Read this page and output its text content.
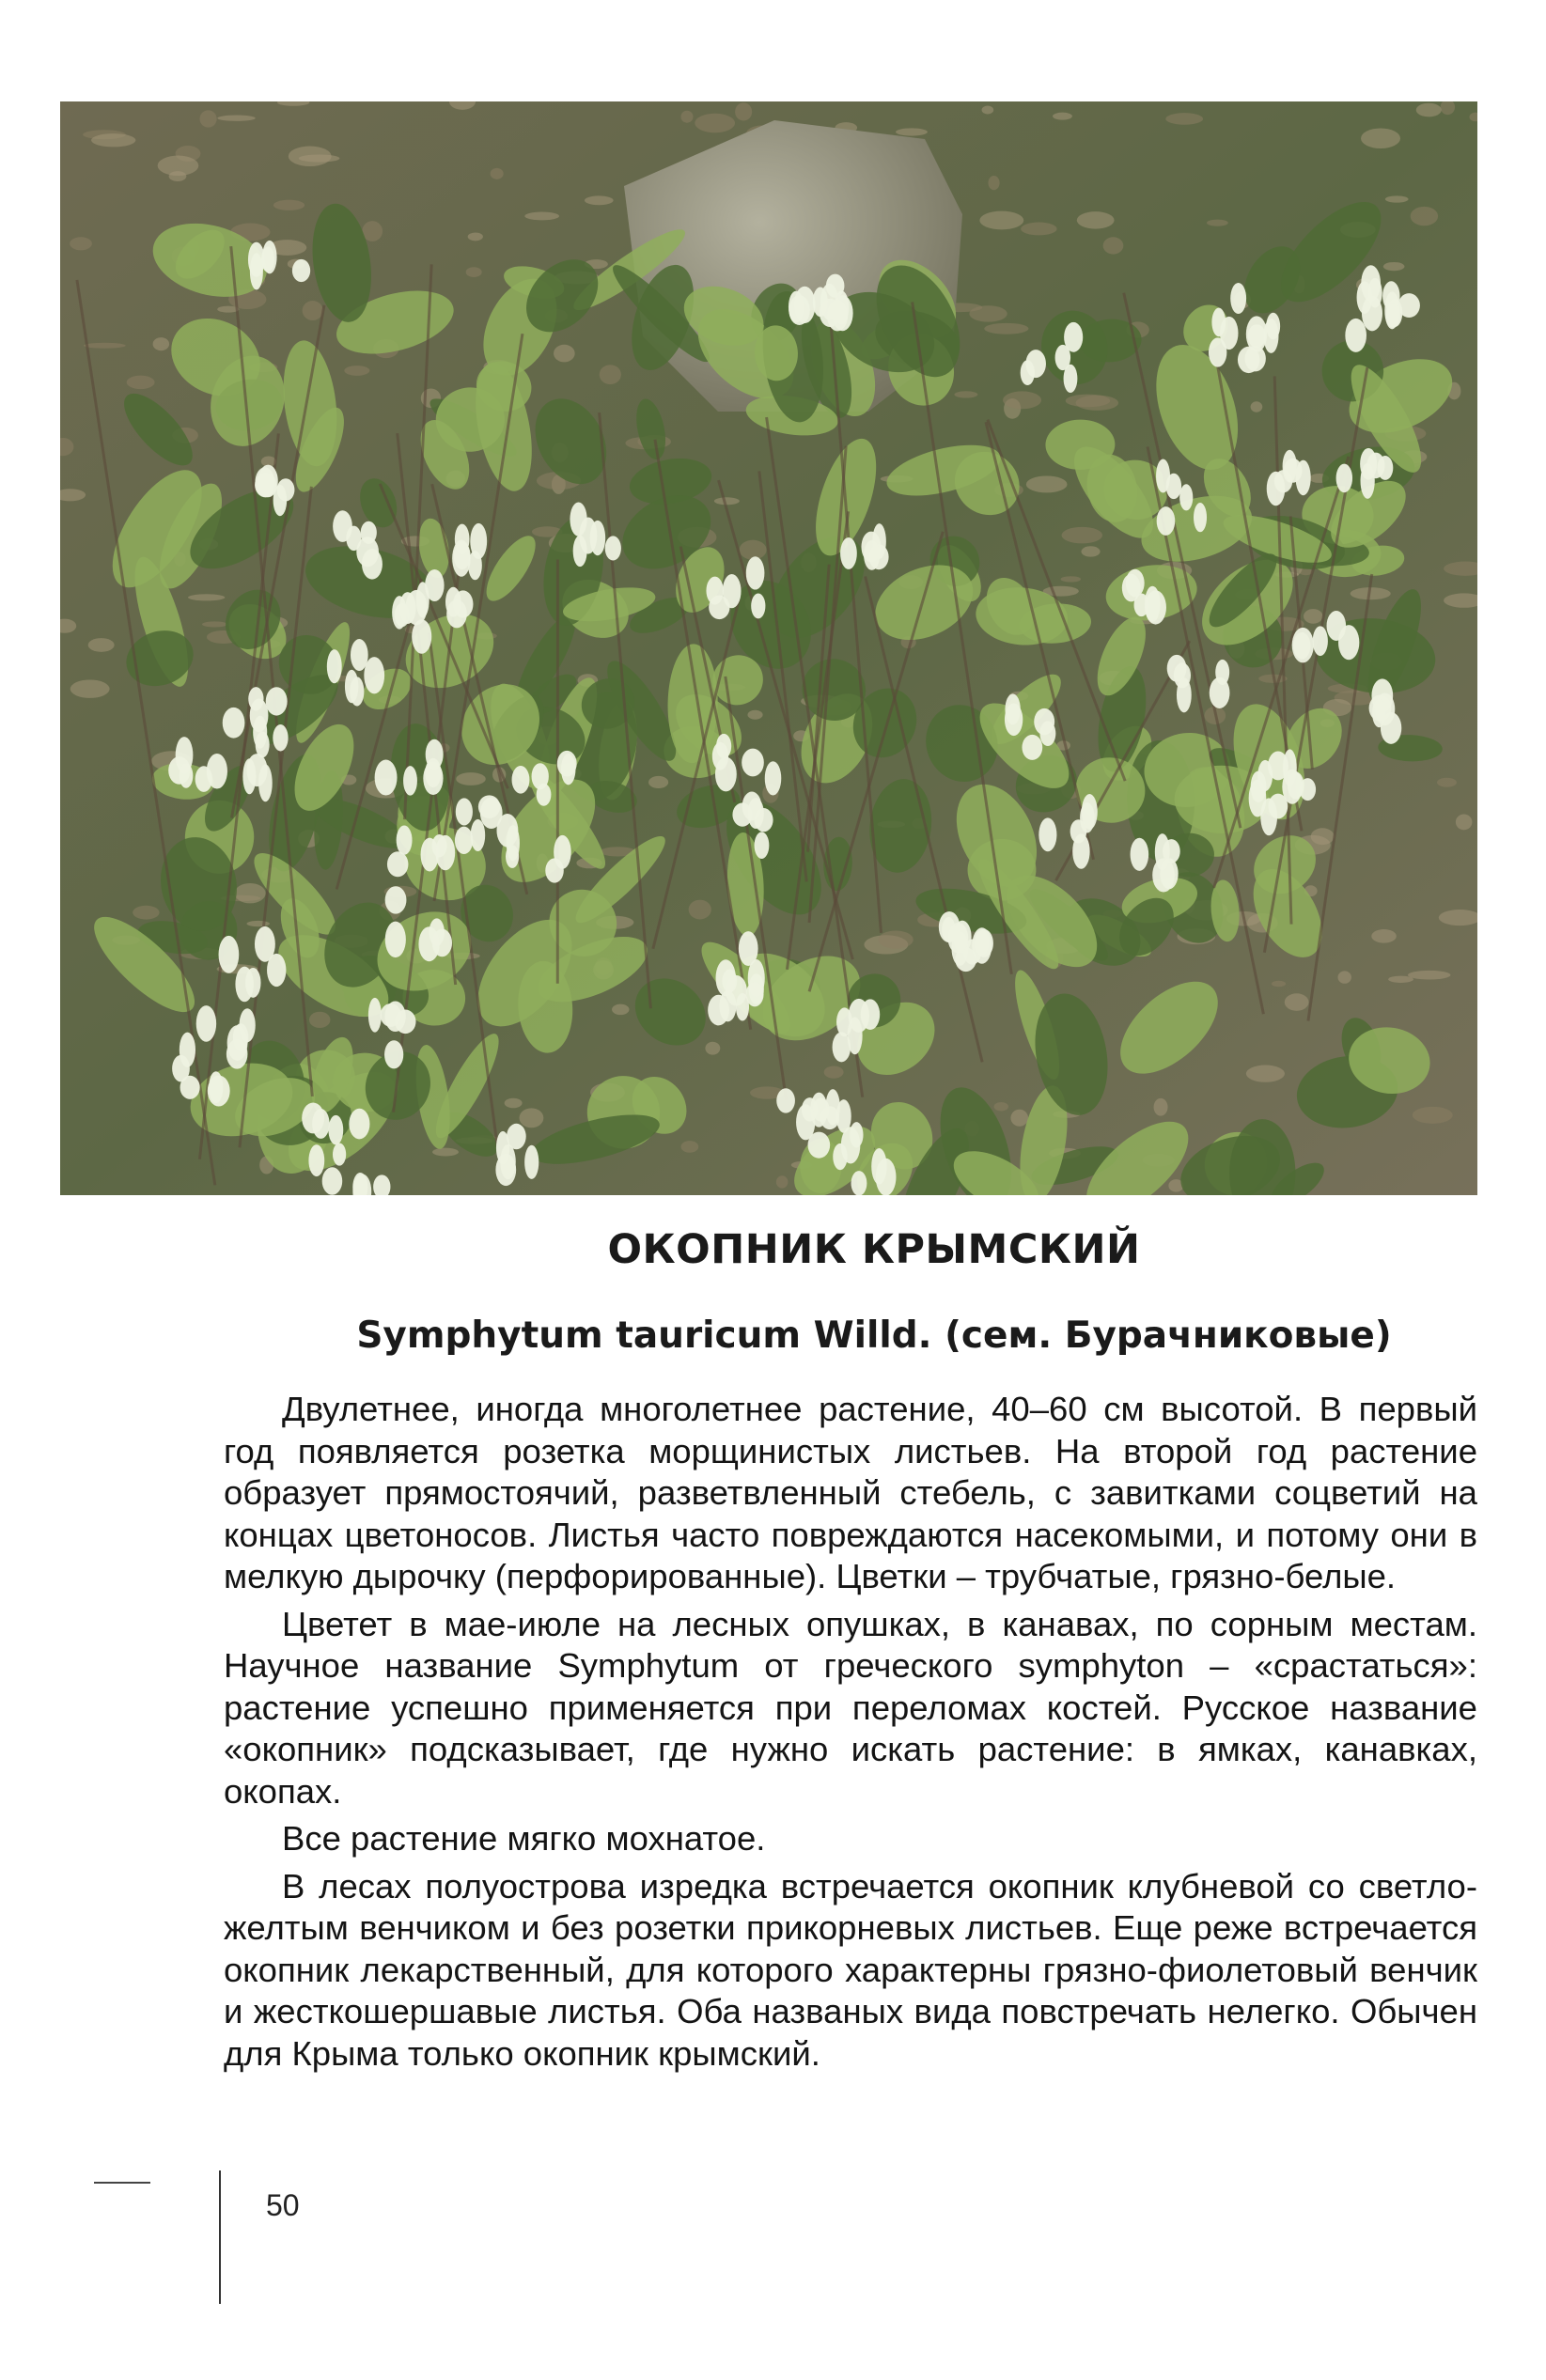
ОКОПНИК КРЫМСКИЙ
Symphytum tauricum Willd. (сем. Бурачниковые)

Двулетнее, иногда многолетнее растение, 40–60 см высотой. В первый год появляется розетка морщинистых листьев. На второй год растение образует прямостоячий, разветвленный стебель, с завитками соцветий на концах цветоносов. Листья часто повреждаются насекомыми, и потому они в мелкую дырочку (перфорированные). Цветки – трубчатые, грязно-белые.

Цветет в мае-июле на лесных опушках, в канавах, по сорным местам. Научное название Symphytum от греческого symphyton – «срастаться»: растение успешно применяется при переломах костей. Русское название «окопник» подсказывает, где нужно искать растение: в ямках, канавках, окопах.

Все растение мягко мохнатое.

В лесах полуострова изредка встречается окопник клубневой со светло-желтым венчиком и без розетки прикорневых листьев. Еще реже встречается окопник лекарственный, для которого характерны грязно-фиолетовый венчик и жесткошершавые листья. Оба названых вида повстречать нелегко. Обычен для Крыма только окопник крымский.

50
